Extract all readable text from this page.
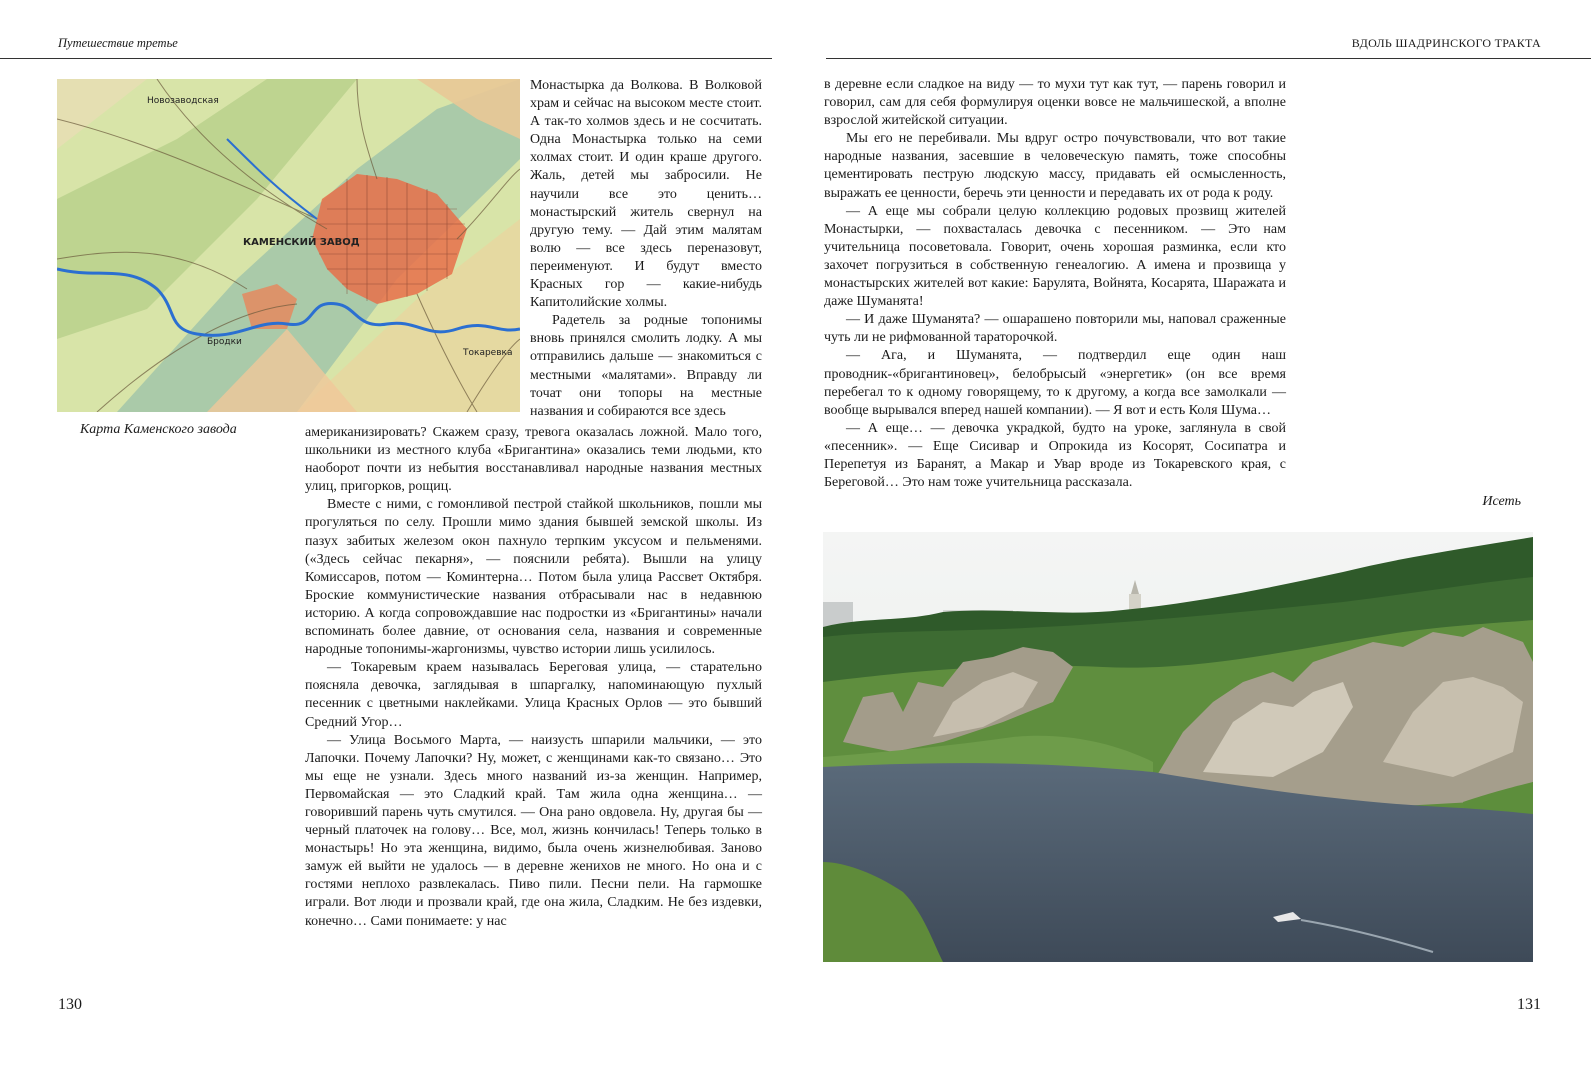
Путешествие третье
Новозаводская
КАМЕНСКИЙ ЗАВОД
Бродки
Токаревка
Карта Каменского завода

Монастырка да Волкова. В Волковой храм и сейчас на высоком месте стоит. А так-то холмов здесь и не сосчитать. Одна Монастырка только на семи холмах стоит. И один краше другого. Жаль, детей мы забросили. Не научили все это ценить… монастырский житель свернул на другую тему. — Дай этим малятам волю — все здесь переназовут, переименуют. И будут вместо Красных гор — какие-нибудь Капитолийские холмы.

Радетель за родные топонимы вновь принялся смолить лодку. А мы отправились дальше — знакомиться с местными «малятами». Вправду ли точат они топоры на местные названия и собираются все здесь

американизировать? Скажем сразу, тревога оказалась ложной. Мало того, школьники из местного клуба «Бригантина» оказались теми людьми, кто наоборот почти из небытия восстанавливал народные названия местных улиц, пригорков, рощиц.

Вместе с ними, с гомонливой пестрой стайкой школьников, пошли мы прогуляться по селу. Прошли мимо здания бывшей земской школы. Из пазух забитых железом окон пахнуло терпким уксусом и пельменями. («Здесь сейчас пекарня», — пояснили ребята). Вышли на улицу Комиссаров, потом — Коминтерна… Потом была улица Рассвет Октября. Броские коммунистические названия отбрасывали нас в недавнюю историю. А когда сопровождавшие нас подростки из «Бригантины» начали вспоминать более давние, от основания села, названия и современные народные топонимы-жаргонизмы, чувство истории лишь усилилось.

— Токаревым краем называлась Береговая улица, — старательно поясняла девочка, заглядывая в шпаргалку, напоминающую пухлый песенник с цветными наклейками. Улица Красных Орлов — это бывший Средний Угор…

— Улица Восьмого Марта, — наизусть шпарили мальчики, — это Лапочки. Почему Лапочки? Ну, может, с женщинами как-то связано… Это мы еще не узнали. Здесь много названий из-за женщин. Например, Первомайская — это Сладкий край. Там жила одна женщина… — говоривший парень чуть смутился. — Она рано овдовела. Ну, другая бы — черный платочек на голову… Все, мол, жизнь кончилась! Теперь только в монастырь! Но эта женщина, видимо, была очень жизнелюбивая. Заново замуж ей выйти не удалось — в деревне женихов не много. Но она и с гостями неплохо развлекалась. Пиво пили. Песни пели. На гармошке играли. Вот люди и прозвали край, где она жила, Сладким. Не без издевки, конечно… Сами понимаете: у нас

130
ВДОЛЬ ШАДРИНСКОГО ТРАКТА

в деревне если сладкое на виду — то мухи тут как тут, — парень говорил и говорил, сам для себя формулируя оценки вовсе не мальчишеской, а вполне взрослой житейской ситуации.

Мы его не перебивали. Мы вдруг остро почувствовали, что вот такие народные названия, засевшие в человеческую память, тоже способны цементировать пеструю людскую массу, придавать ей осмысленность, выражать ее ценности, беречь эти ценности и передавать их от рода к роду.

— А еще мы собрали целую коллекцию родовых прозвищ жителей Монастырки, — похвасталась девочка с песенником. — Это нам учительница посоветовала. Говорит, очень хорошая разминка, если кто захочет погрузиться в собственную генеалогию. А имена и прозвища у монастырских жителей вот какие: Барулята, Войнята, Косарята, Шаражата и даже Шуманята!

— И даже Шуманята? — ошарашено повторили мы, наповал сраженные чуть ли не рифмованной тараторочкой.

— Ага, и Шуманята, — подтвердил еще один наш проводник-«бригантиновец», белобрысый «энергетик» (он все время перебегал то к одному говорящему, то к другому, а когда все замолкали — вообще вырывался вперед нашей компании). — Я вот и есть Коля Шума…

— А еще… — девочка украдкой, будто на уроке, заглянула в свой «песенник». — Еще Сисивар и Опрокида из Косорят, Сосипатра и Перепетуя из Баранят, а Макар и Увар вроде из Токаревского края, с Береговой… Это нам тоже учительница рассказала.

Исеть
131
